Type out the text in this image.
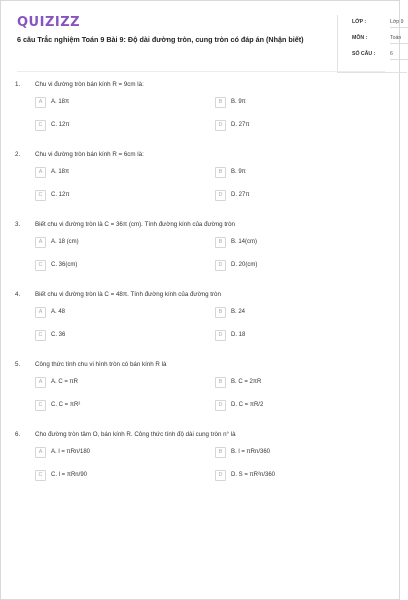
QUIZIZZ
6 câu Trắc nghiệm Toán 9 Bài 9: Độ dài đường tròn, cung tròn có đáp án (Nhận biết)
LỚP :	Lớp 9
MÔN :	Toán
SỐ CÂU :	6
1. Chu vi đường tròn bán kính R = 9cm là:
A	A. 18π	B	B. 9π
C	C. 12π	D	D. 27π
2. Chu vi đường tròn bán kính R = 6cm là:
A	A. 18π	B	B. 9π
C	C. 12π	D	D. 27π
3. Biết chu vi đường tròn là C = 36π (cm). Tính đường kính của đường tròn
A	A. 18 (cm)	B	B. 14(cm)
C	C. 36(cm)	D	D. 20(cm)
4. Biết chu vi đường tròn là C = 48π. Tính đường kính của đường tròn
A	A. 48	B	B. 24
C	C. 36	D	D. 18
5. Công thức tính chu vi hình tròn có bán kính R là
A	A. C = πR	B	B. C = 2πR
C	C. C = πR²	D	D. C = πR/2
6. Cho đường tròn tâm O, bán kính R. Công thức tính độ dài cung tròn n° là
A	A. l = πRn/180	B	B. l = πRn/360
C	C. l = πRn/90	D	D. S = πR²n/360
